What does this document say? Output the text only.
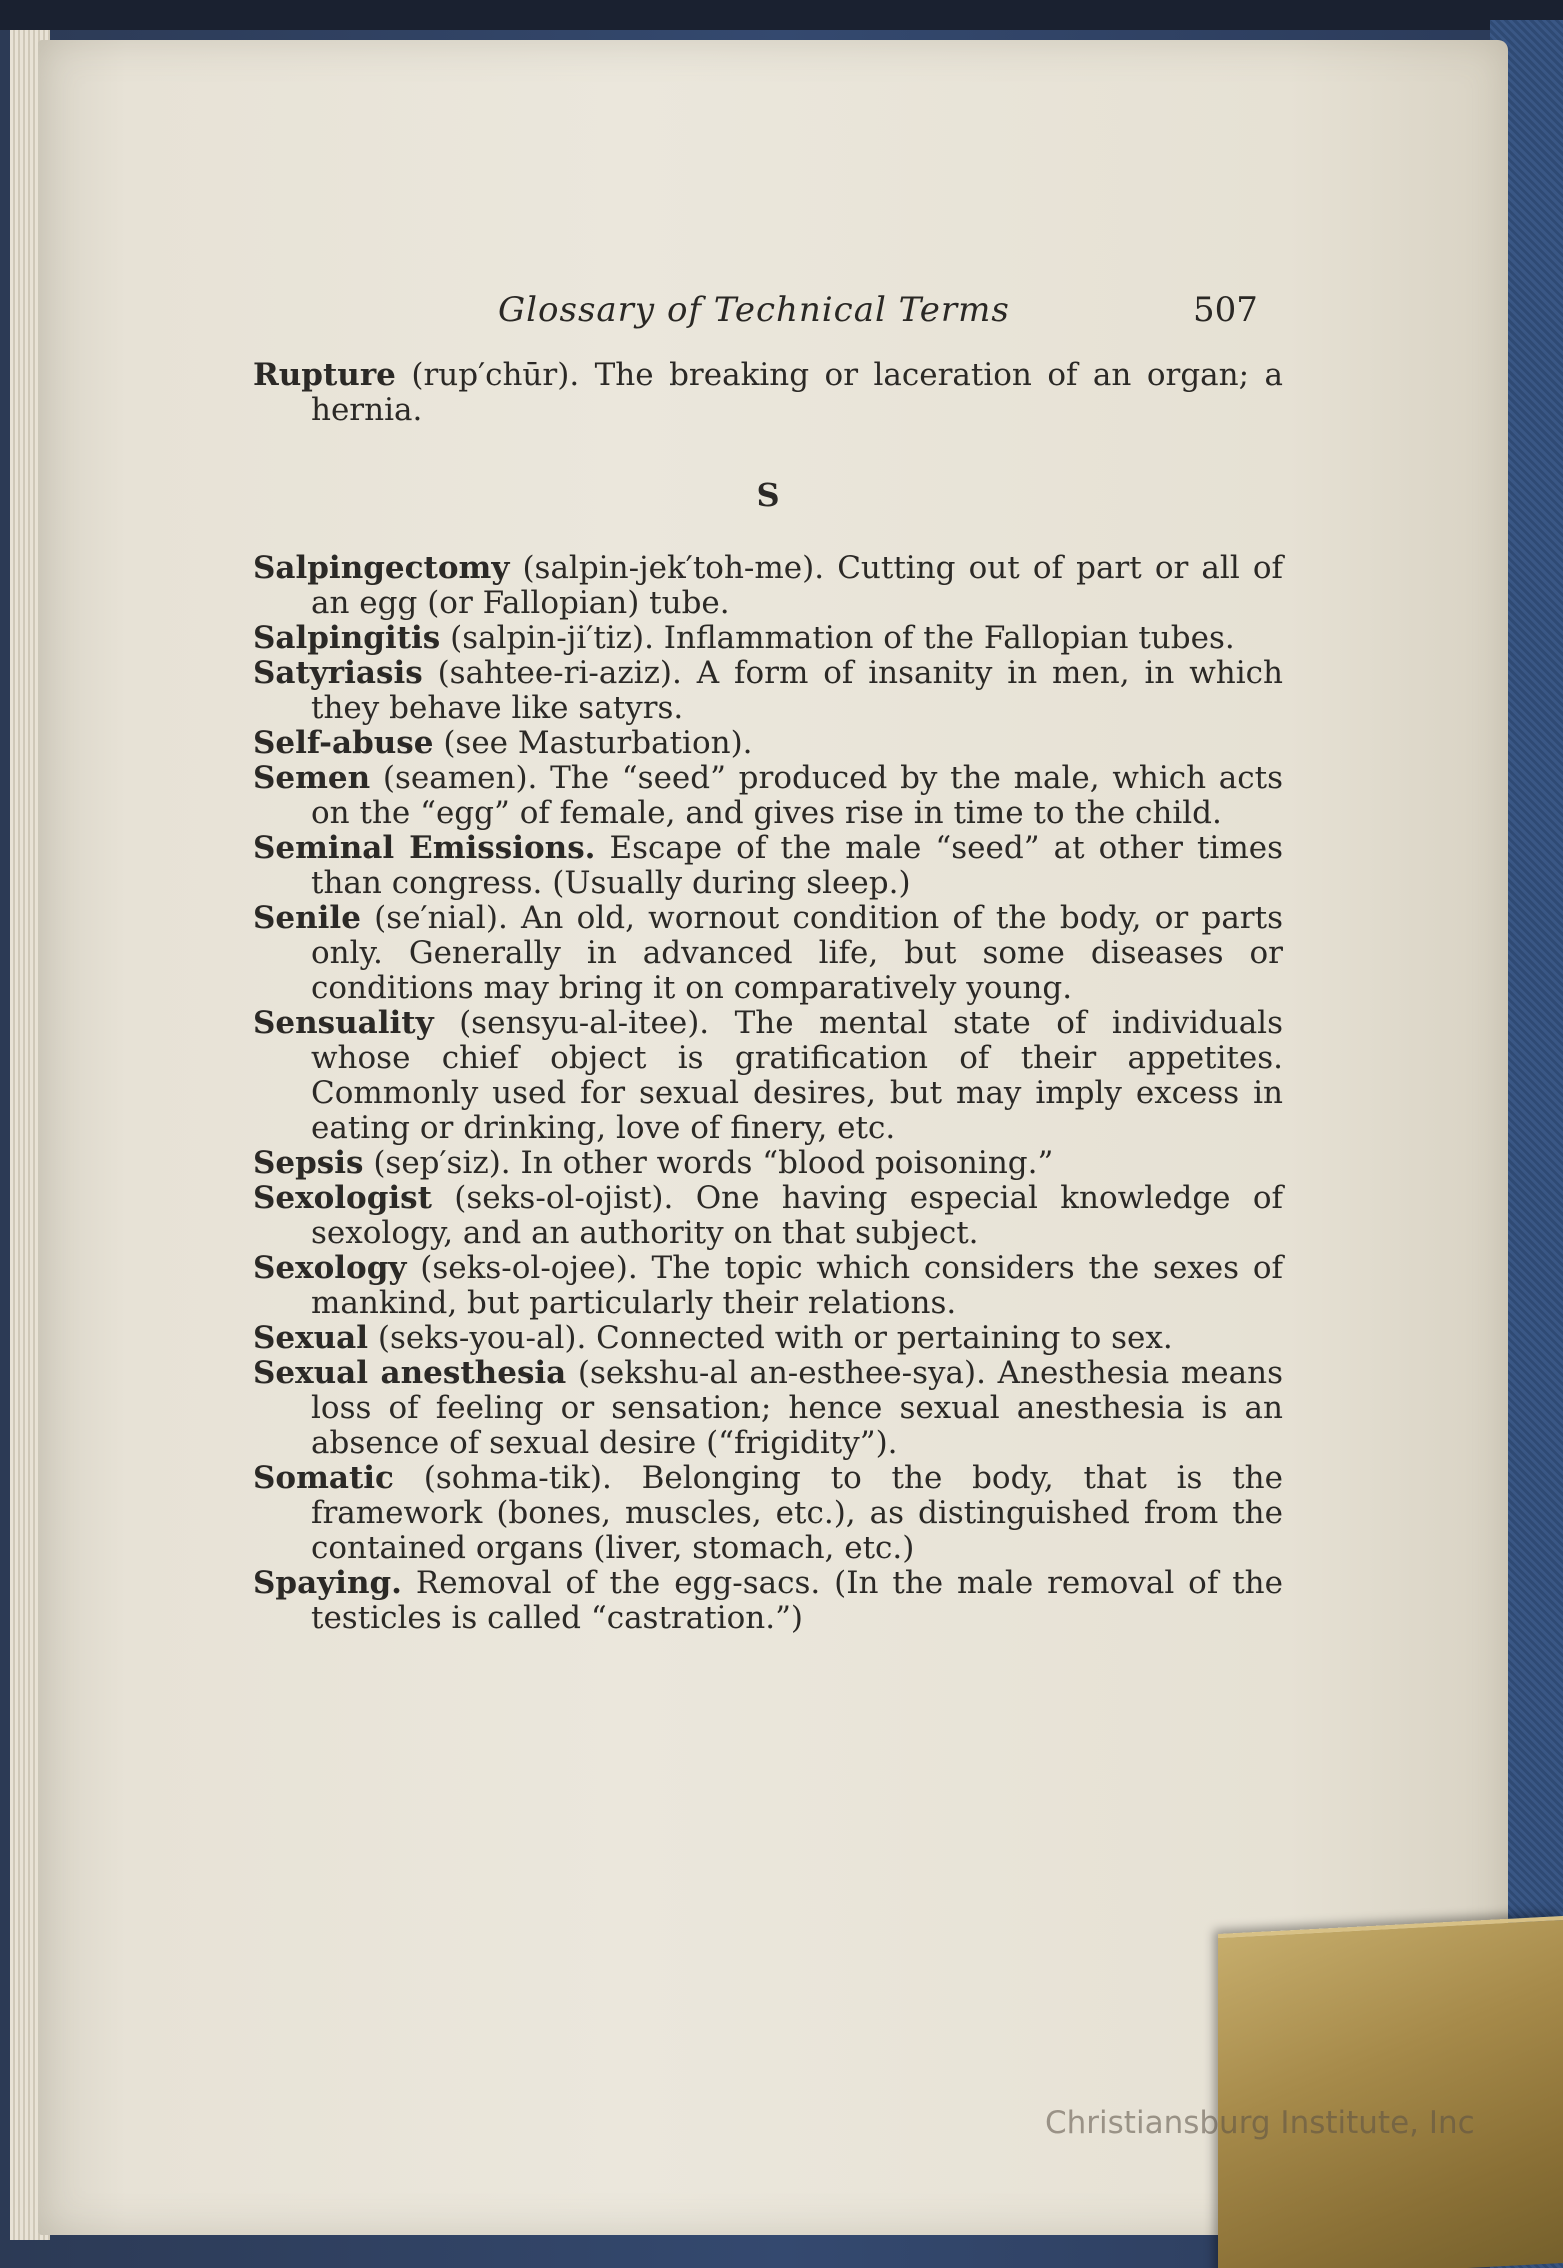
Glossary of Technical Terms	507

Rupture (rup′chūr). The breaking or laceration of an organ; a hernia.

S

Salpingectomy (salpin-jek′toh-me). Cutting out of part or all of an egg (or Fallopian) tube.

Salpingitis (salpin-ji′tiz). Inflammation of the Fallopian tubes.

Satyriasis (sahtee-ri-aziz). A form of insanity in men, in which they behave like satyrs.

Self-abuse (see Masturbation).

Semen (seamen). The “seed” produced by the male, which acts on the “egg” of female, and gives rise in time to the child.

Seminal Emissions. Escape of the male “seed” at other times than congress. (Usually during sleep.)

Senile (se′nial). An old, wornout condition of the body, or parts only. Generally in advanced life, but some diseases or conditions may bring it on comparatively young.

Sensuality (sensyu-al-itee). The mental state of individuals whose chief object is gratification of their appetites. Commonly used for sexual desires, but may imply excess in eating or drinking, love of finery, etc.

Sepsis (sep′siz). In other words “blood poisoning.”

Sexologist (seks-ol-ojist). One having especial knowledge of sexology, and an authority on that subject.

Sexology (seks-ol-ojee). The topic which considers the sexes of mankind, but particularly their relations.

Sexual (seks-you-al). Connected with or pertaining to sex.

Sexual anesthesia (sekshu-al an-esthee-sya). Anesthesia means loss of feeling or sensation; hence sexual anesthesia is an absence of sexual desire (“frigidity”).

Somatic (sohma-tik). Belonging to the body, that is the framework (bones, muscles, etc.), as distinguished from the contained organs (liver, stomach, etc.)

Spaying. Removal of the egg-sacs. (In the male removal of the testicles is called “castration.”)

Christiansburg Institute, Inc
